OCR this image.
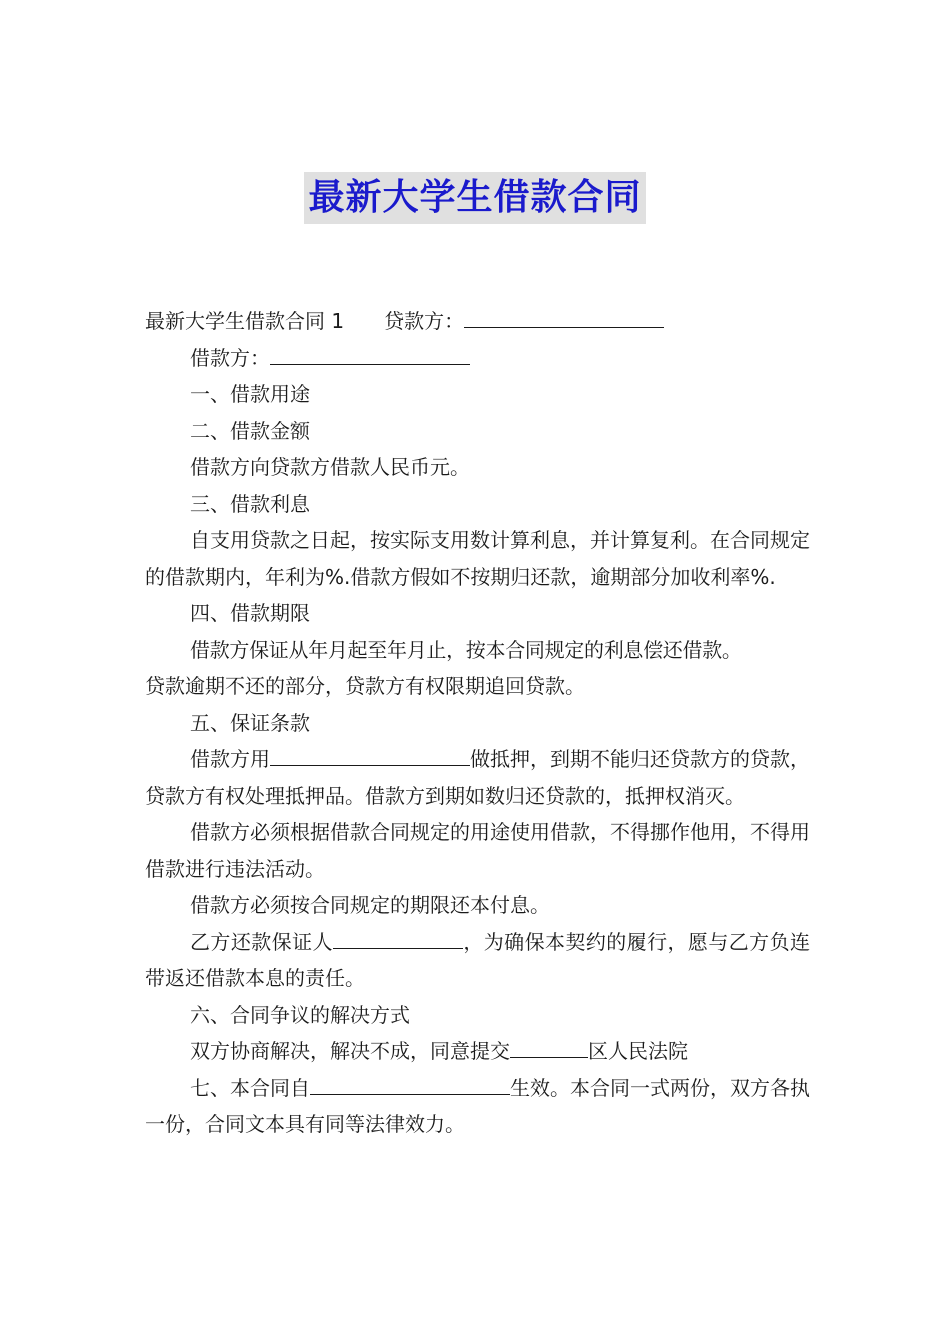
最新大学生借款合同

最新大学生借款合同 1 贷款方：

借款方：

一、借款用途

二、借款金额

借款方向贷款方借款人民币元。

三、借款利息

自支用贷款之日起，按实际支用数计算利息，并计算复利。在合同规定的借款期内，年利为%.借款方假如不按期归还款，逾期部分加收利率%.

四、借款期限

借款方保证从年月起至年月止，按本合同规定的利息偿还借款。

贷款逾期不还的部分，贷款方有权限期追回贷款。

五、保证条款

借款方用	做抵押，到期不能归还贷款方的贷款，贷款方有权处理抵押品。借款方到期如数归还贷款的，抵押权消灭。

借款方必须根据借款合同规定的用途使用借款，不得挪作他用，不得用借款进行违法活动。

借款方必须按合同规定的期限还本付息。

乙方还款保证人	，为确保本契约的履行，愿与乙方负连带返还借款本息的责任。

六、合同争议的解决方式

双方协商解决，解决不成，同意提交	区人民法院

七、本合同自	生效。本合同一式两份，双方各执一份，合同文本具有同等法律效力。
